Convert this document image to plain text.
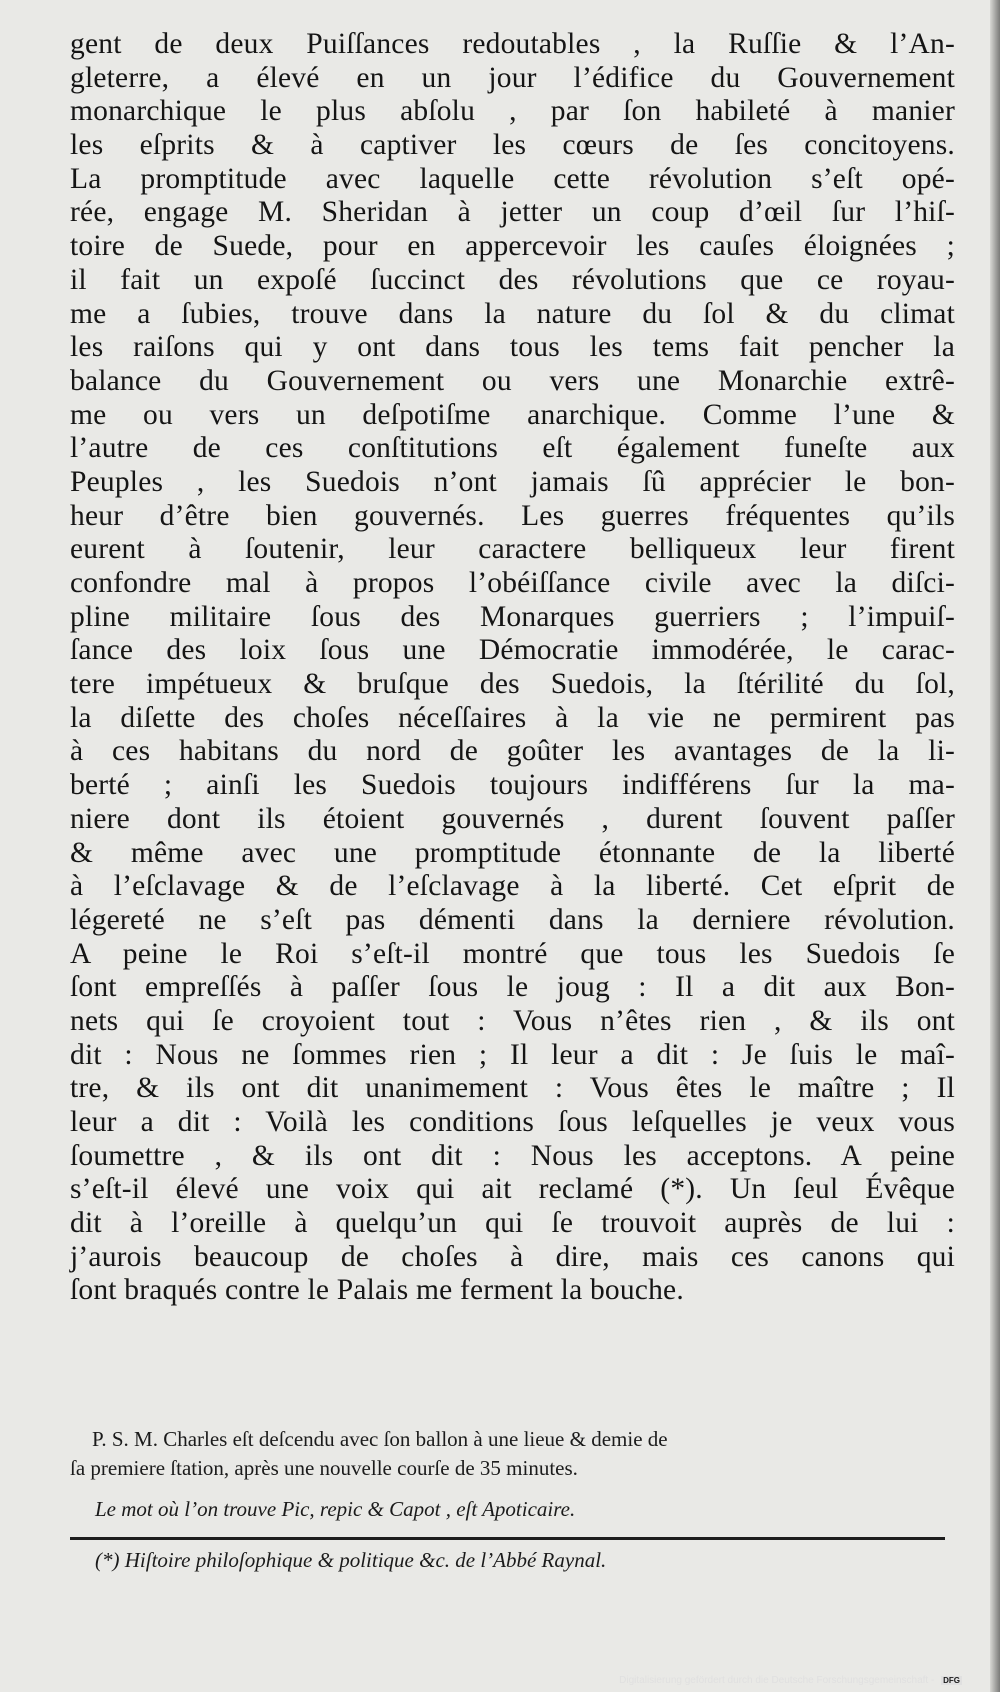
gent de deux Puiſſances redoutables , la Ruſſie & l’An-
gleterre, a élevé en un jour l’édifice du Gouvernement
monarchique le plus abſolu , par ſon habileté à manier
les eſprits & à captiver les cœurs de ſes concitoyens.
La promptitude avec laquelle cette révolution s’eſt opé-
rée, engage M. Sheridan à jetter un coup d’œil ſur l’hiſ-
toire de Suede, pour en appercevoir les cauſes éloignées ;
il fait un expoſé ſuccinct des révolutions que ce royau-
me a ſubies, trouve dans la nature du ſol & du climat
les raiſons qui y ont dans tous les tems fait pencher la
balance du Gouvernement ou vers une Monarchie extrê-
me ou vers un deſpotiſme anarchique. Comme l’une &
l’autre de ces conſtitutions eſt également funeſte aux
Peuples , les Suedois n’ont jamais ſû apprécier le bon-
heur d’être bien gouvernés. Les guerres fréquentes qu’ils
eurent à ſoutenir, leur caractere belliqueux leur firent
confondre mal à propos l’obéiſſance civile avec la diſci-
pline militaire ſous des Monarques guerriers ; l’impuiſ-
ſance des loix ſous une Démocratie immodérée, le carac-
tere impétueux & bruſque des Suedois, la ſtérilité du ſol,
la diſette des choſes néceſſaires à la vie ne permirent pas
à ces habitans du nord de goûter les avantages de la li-
berté ; ainſi les Suedois toujours indifférens ſur la ma-
niere dont ils étoient gouvernés , durent ſouvent paſſer
& même avec une promptitude étonnante de la liberté
à l’eſclavage & de l’eſclavage à la liberté. Cet eſprit de
légereté ne s’eſt pas démenti dans la derniere révolution.
A peine le Roi s’eſt-il montré que tous les Suedois ſe
ſont empreſſés à paſſer ſous le joug : Il a dit aux Bon-
nets qui ſe croyoient tout : Vous n’êtes rien , & ils ont
dit : Nous ne ſommes rien ; Il leur a dit : Je ſuis le maî-
tre, & ils ont dit unanimement : Vous êtes le maître ; Il
leur a dit : Voilà les conditions ſous leſquelles je veux vous
ſoumettre , & ils ont dit : Nous les acceptons. A peine
s’eſt-il élevé une voix qui ait reclamé (*). Un ſeul Évêque
dit à l’oreille à quelqu’un qui ſe trouvoit auprès de lui :
j’aurois beaucoup de choſes à dire, mais ces canons qui
ſont braqués contre le Palais me ferment la bouche.
P. S. M. Charles eſt deſcendu avec ſon ballon à une lieue & demie de
ſa premiere ſtation, après une nouvelle courſe de 35 minutes.
Le mot où l’on trouve Pic, repic & Capot , eſt Apoticaire.
(*) Hiſtoire philoſophique & politique &c. de l’Abbé Raynal.
Digitalisierung gefördert durch die Deutsche Forschungsgemeinschaft - DFG
